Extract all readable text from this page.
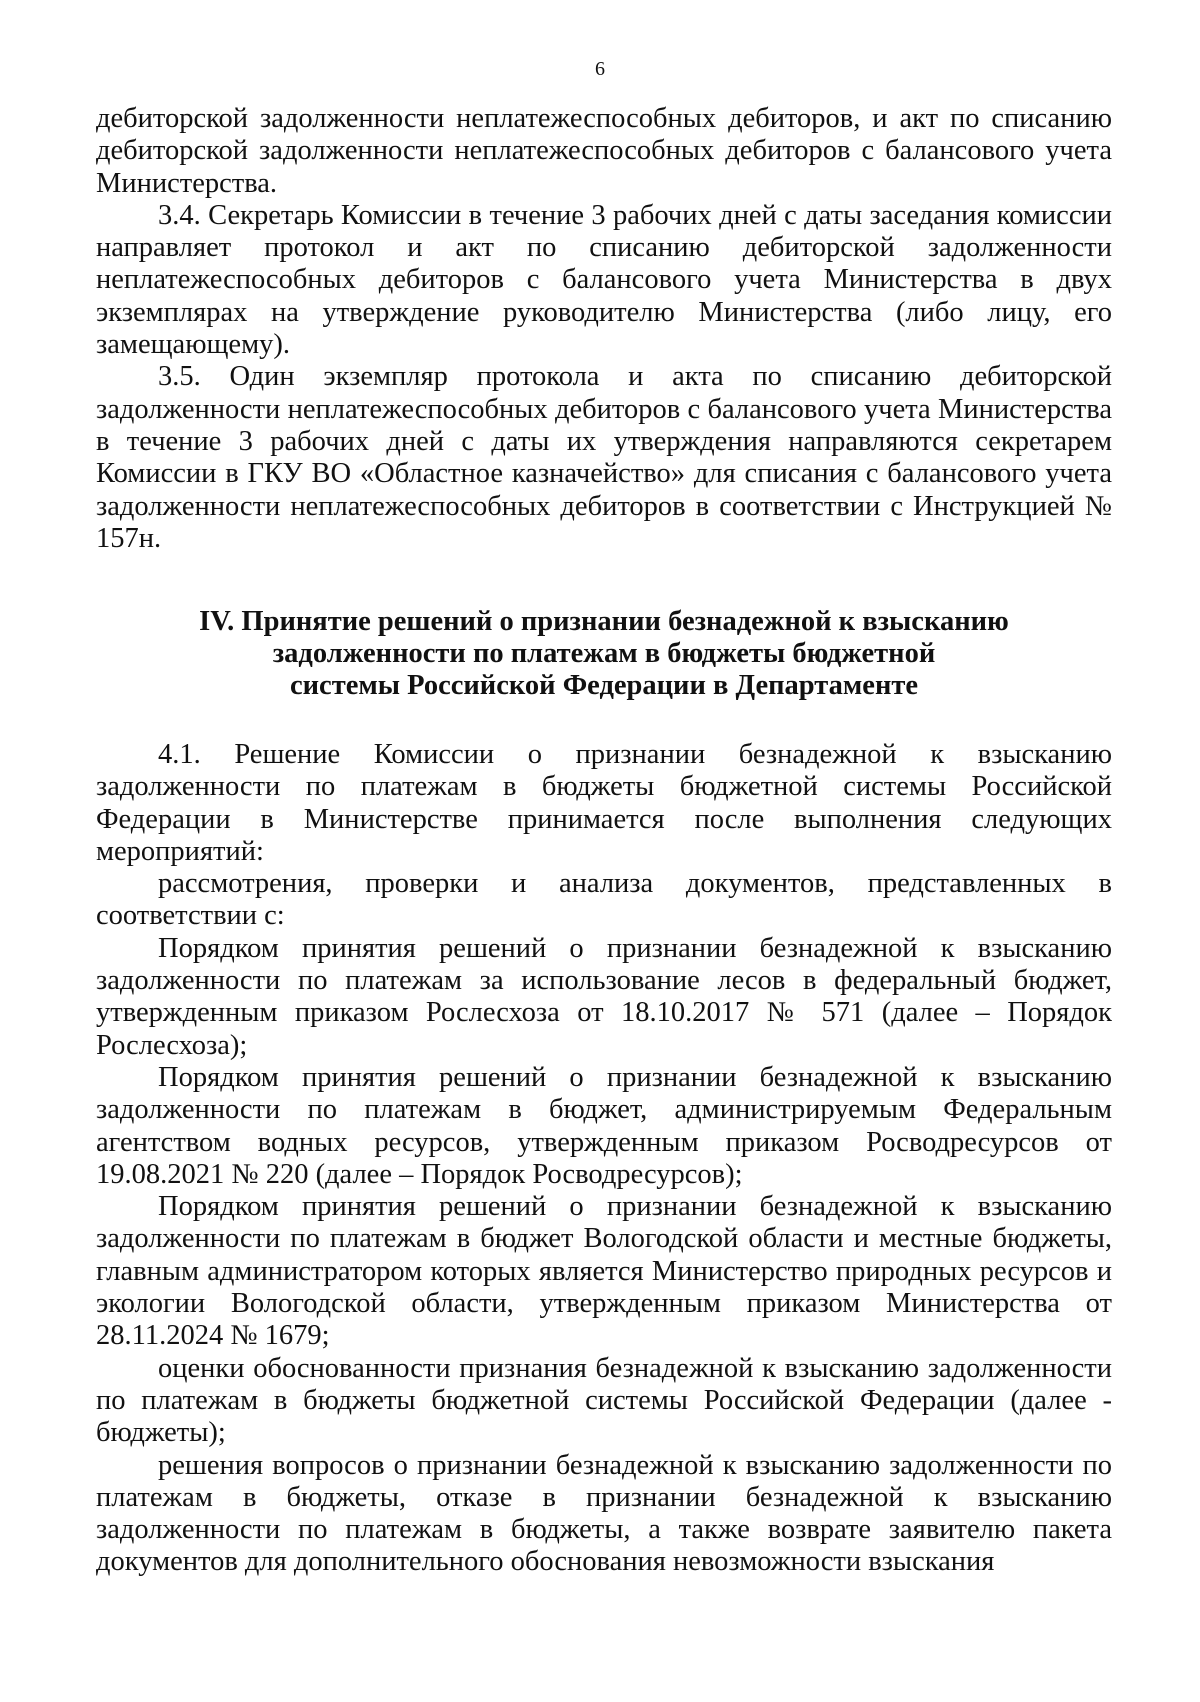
6

дебиторской задолженности неплатежеспособных дебиторов, и акт по списанию дебиторской задолженности неплатежеспособных дебиторов с балансового учета Министерства.

3.4. Секретарь Комиссии в течение 3 рабочих дней с даты заседания комиссии направляет протокол и акт по списанию дебиторской задолженности неплатежеспособных дебиторов с балансового учета Министерства в двух экземплярах на утверждение руководителю Министерства (либо лицу, его замещающему).

3.5. Один экземпляр протокола и акта по списанию дебиторской задолженности неплатежеспособных дебиторов с балансового учета Министерства в течение 3 рабочих дней с даты их утверждения направляются секретарем Комиссии в ГКУ ВО «Областное казначейство» для списания с балансового учета задолженности неплатежеспособных дебиторов в соответствии с Инструкцией № 157н.

IV. Принятие решений о признании безнадежной к взысканию
задолженности по платежам в бюджеты бюджетной
системы Российской Федерации в Департаменте

4.1. Решение Комиссии о признании безнадежной к взысканию задолженности по платежам в бюджеты бюджетной системы Российской Федерации в Министерстве принимается после выполнения следующих мероприятий:

рассмотрения, проверки и анализа документов, представленных в соответствии с:

Порядком принятия решений о признании безнадежной к взысканию задолженности по платежам за использование лесов в федеральный бюджет, утвержденным приказом Рослесхоза от 18.10.2017 № 571 (далее – Порядок Рослесхоза);

Порядком принятия решений о признании безнадежной к взысканию задолженности по платежам в бюджет, администрируемым Федеральным агентством водных ресурсов, утвержденным приказом Росводресурсов от 19.08.2021 № 220 (далее – Порядок Росводресурсов);

Порядком принятия решений о признании безнадежной к взысканию задолженности по платежам в бюджет Вологодской области и местные бюджеты, главным администратором которых является Министерство природных ресурсов и экологии Вологодской области, утвержденным приказом Министерства от 28.11.2024 № 1679;

оценки обоснованности признания безнадежной к взысканию задолженности по платежам в бюджеты бюджетной системы Российской Федерации (далее - бюджеты);

решения вопросов о признании безнадежной к взысканию задолженности по платежам в бюджеты, отказе в признании безнадежной к взысканию задолженности по платежам в бюджеты, а также возврате заявителю пакета документов для дополнительного обоснования невозможности взыскания
